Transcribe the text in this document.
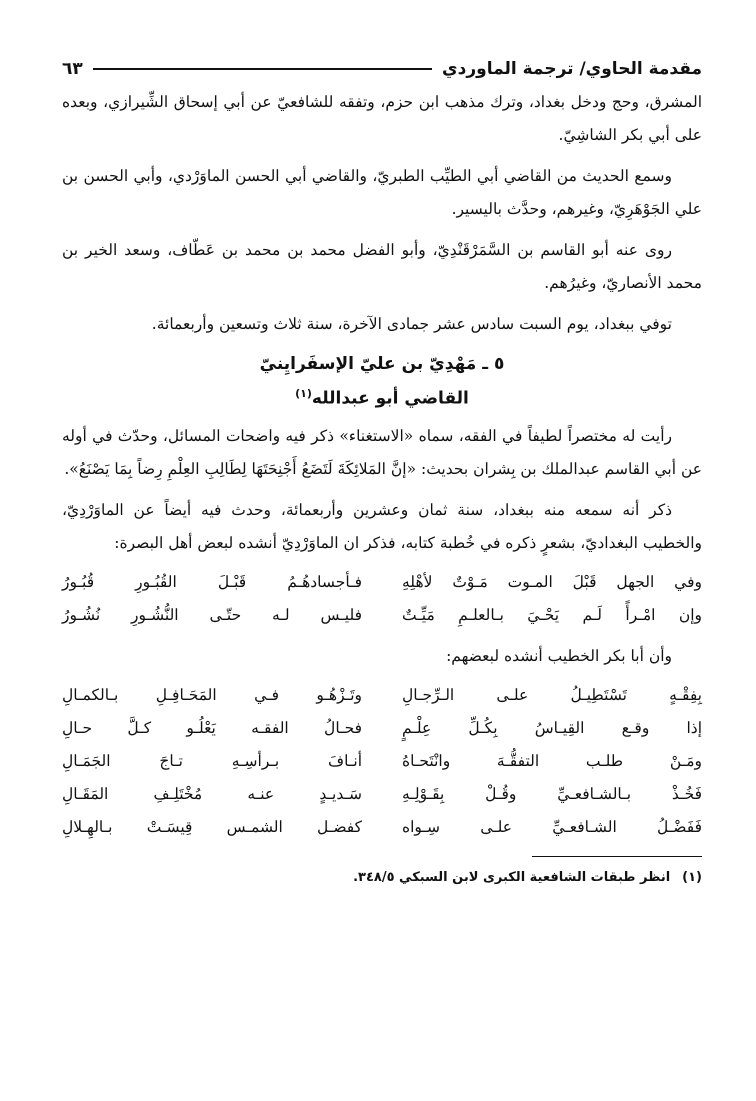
مقدمة الحاوي/ ترجمة الماوردي
٦٣

المشرق، وحج ودخل بغداد، وترك مذهب ابن حزم، وتفقه للشافعيّ عن أبي إسحاق الشِّيرازي، وبعده على أبي بكر الشاشِيّ.

وسمع الحديث من القاضي أبي الطيِّب الطبريّ، والقاضي أبي الحسن الماوَرْدي، وأبي الحسن بن علي الجَوْهَرِيّ، وغيرهم، وحدَّث باليسير.

روى عنه أبو القاسم بن السَّمَرْقَنْدِيّ، وأبو الفضل محمد بن محمد بن عَطّاف، وسعد الخير بن محمد الأنصاريّ، وغيرُهم.

توفي ببغداد، يوم السبت سادس عشر جمادى الآخرة، سنة ثلاث وتسعين وأربعمائة.

٥ ـ مَهْدِيّ بن عليّ الإسفَرايِنيّ
القاضي أبو عبدالله$^{(١)}$

رأيت له مختصراً لطيفاً في الفقه، سماه «الاستغناء» ذكر فيه واضحات المسائل، وحدّث في أوله عن أبي القاسم عبدالملك بن بِشران بحديث: «إنَّ المَلائِكَةَ لَتَضَعُ أَجْنِحَتَهَا لِطَالِبِ العِلْمِ رِضاً بِمَا يَصْنَعُ».

ذكر أنه سمعه منه ببغداد، سنة ثمان وعشرين وأربعمائة، وحدث فيه أيضاً عن الماوَرْدِيّ، والخطيب البغداديّ، بشعرٍ ذكره في خُطبة كتابه، فذكر ان الماوَرْدِيّ أنشده لبعض أهل البصرة:

وفي الجهل قَبْلَ المـوت مَـوْتٌ لأهْلِهِ
فـأجسادهُـمُ قَبْـلَ القُبُـورِ قُبُـورُ
وإن امْـرأً لَـم يَحْـيَ بـالعلـمِ مَيِّـتٌ
فليـس لـه حتّـى النُّشُـورِ نُشُـورُ

وأن أبا بكر الخطيب أنشده لبعضهم:

بِفِقْـهٍ تَسْتَطِيـلُ علـى الـرِّجـالِ
وتَـزْهُـو فـي المَحَـافِـلِ بـالكمـالِ
إذا وقـع القِيـاسُ بِكُـلِّ عِلْـمٍ
فحـالُ الفقـه يَعْلُـو كـلَّ حـالِ
ومَـنْ طلـب التفقُّـهَ وانْتَحـاهُ
أنـافَ بـرأسِـهِ تـاجَ الجَمَـالِ
فَخُـذْ بـالشـافعـيِّ وقُـلْ بِقَـوْلِـهِ
سَـديـدٍ عنـه مُخْتَلِـفِ المَقَـالِ
فَفَضْـلُ الشـافعـيِّ علـى سِـواه
كفضـل الشمـس قِيسَـتْ بـالهِـلالِ
(١)انظر طبقات الشافعية الكبرى لابن السبكي ٣٤٨/٥.
